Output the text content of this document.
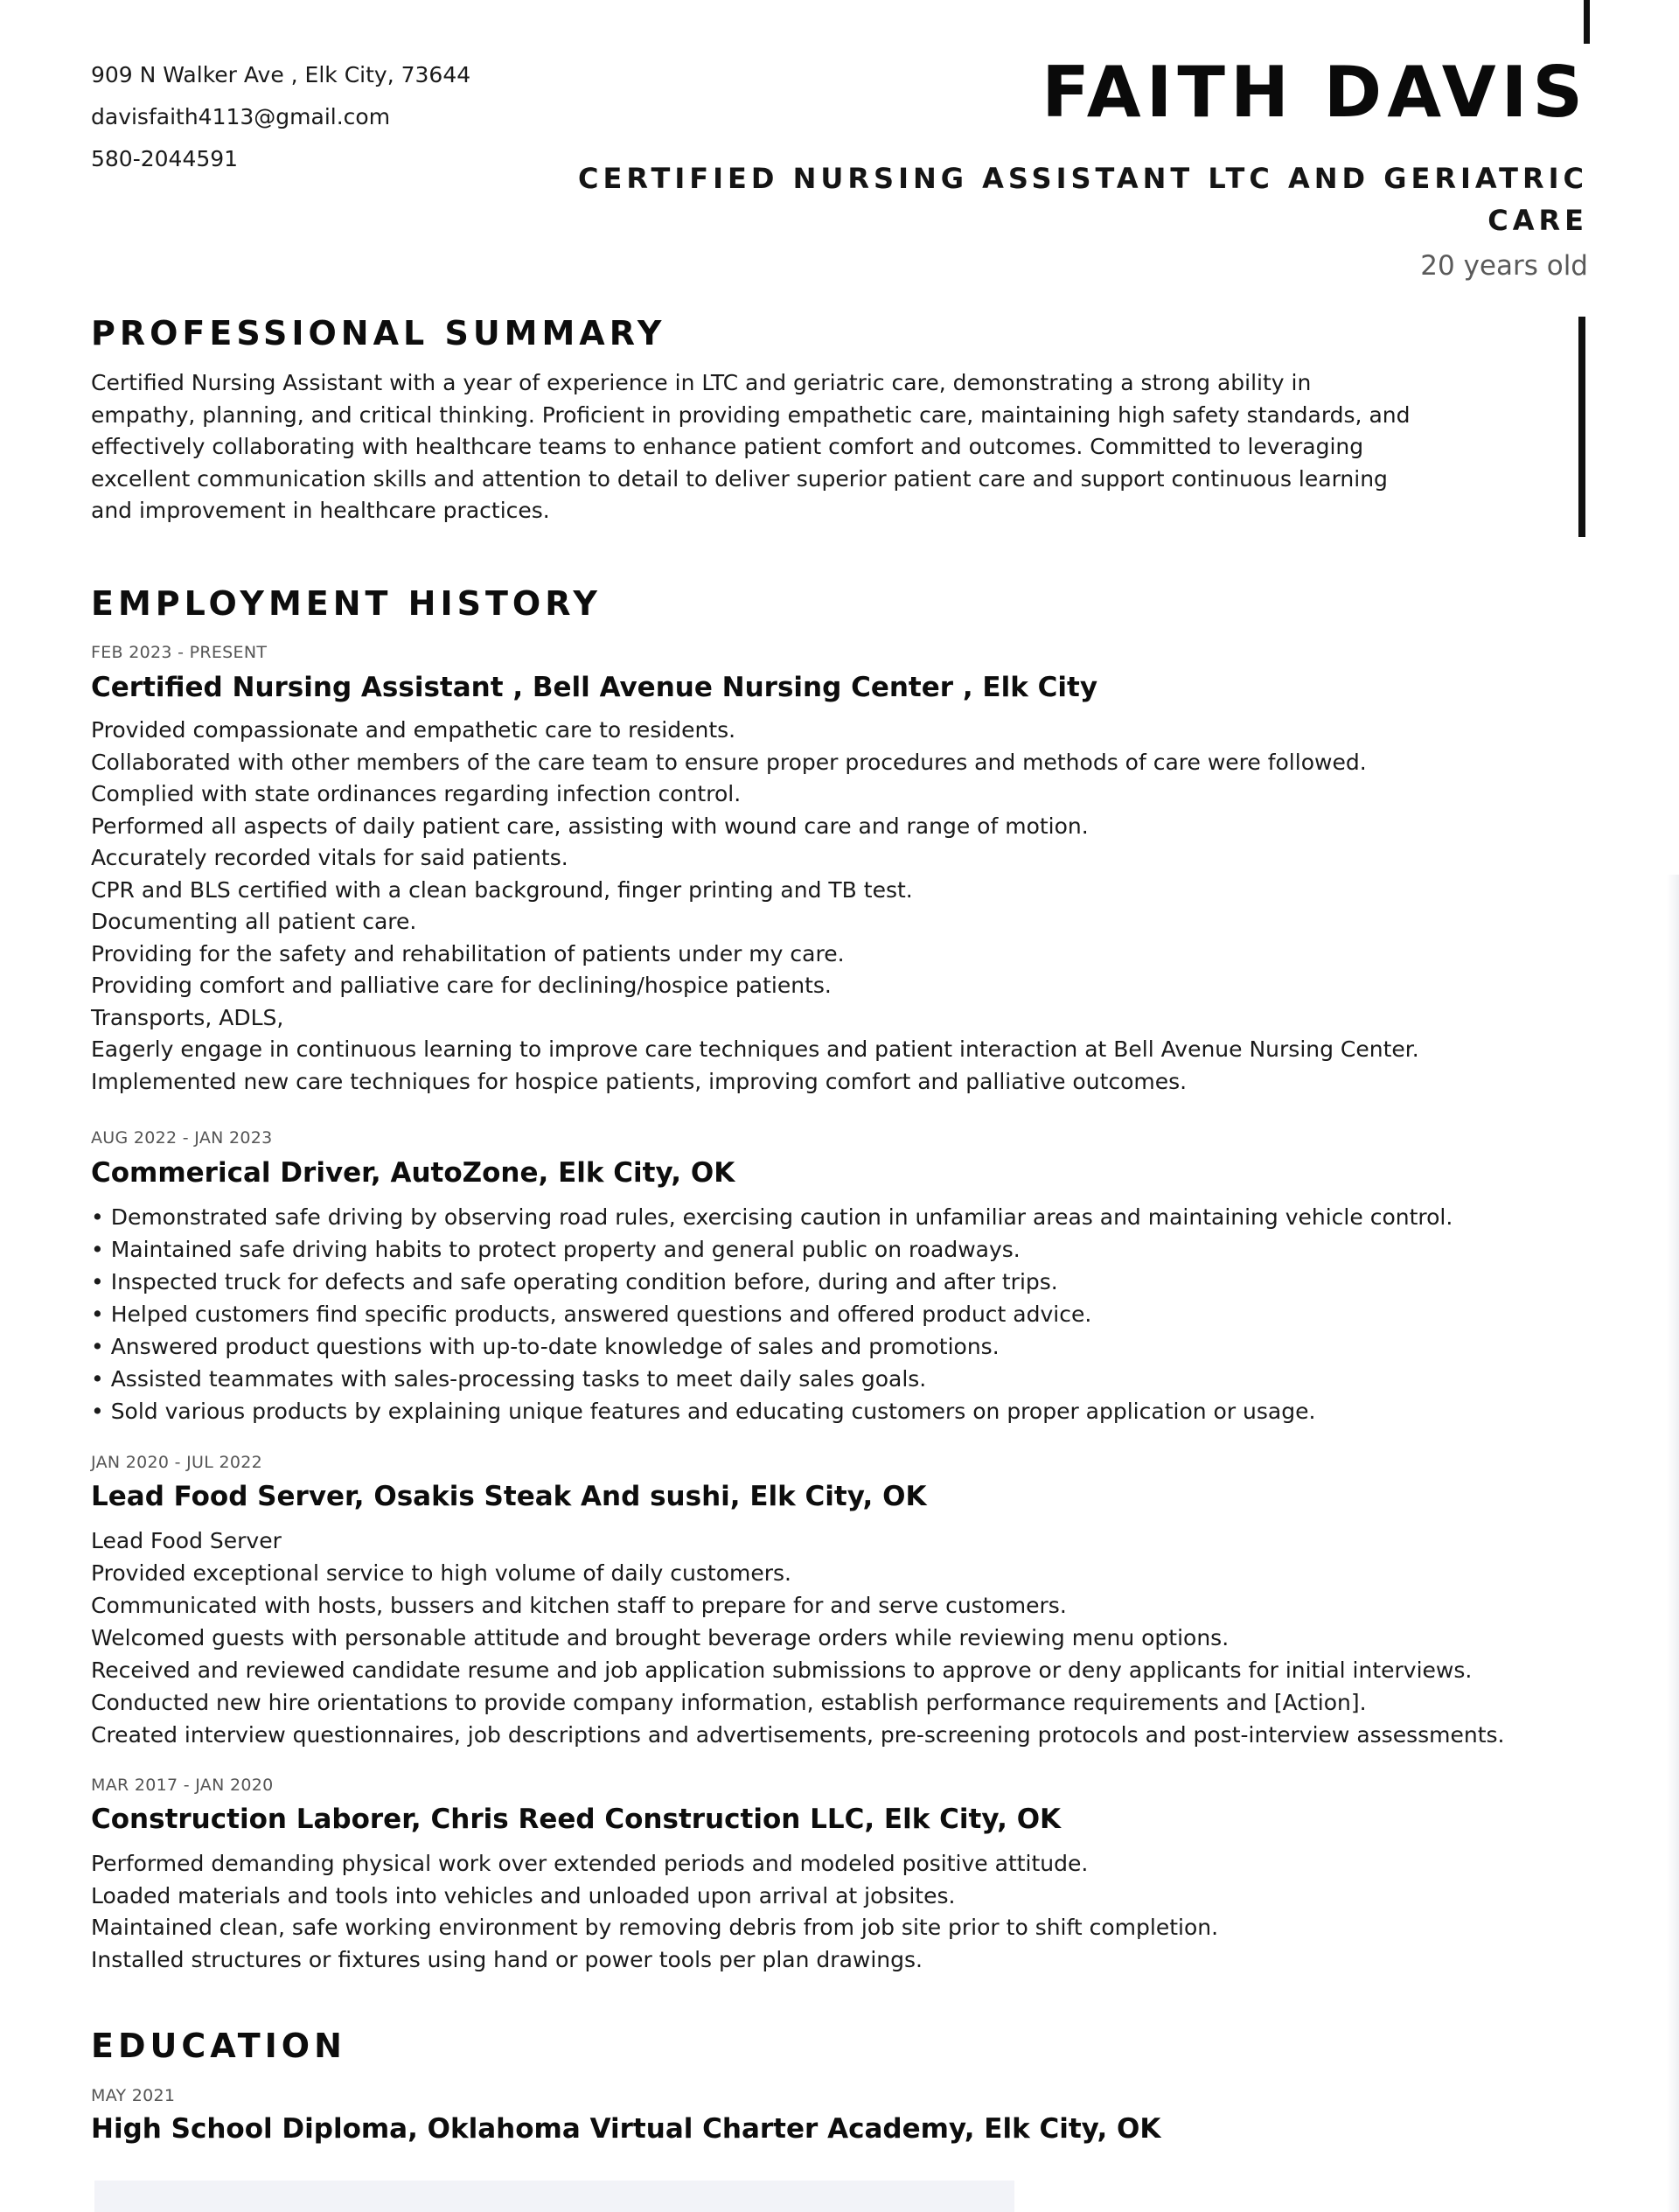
909 N Walker Ave , Elk City, 73644
davisfaith4113@gmail.com
580-2044591
FAITH DAVIS
CERTIFIED NURSING ASSISTANT LTC AND GERIATRIC
CARE
20 years old
PROFESSIONAL SUMMARY
Certified Nursing Assistant with a year of experience in LTC and geriatric care, demonstrating a strong ability in
empathy, planning, and critical thinking. Proficient in providing empathetic care, maintaining high safety standards, and
effectively collaborating with healthcare teams to enhance patient comfort and outcomes. Committed to leveraging
excellent communication skills and attention to detail to deliver superior patient care and support continuous learning
and improvement in healthcare practices.
EMPLOYMENT HISTORY
FEB 2023 - PRESENT
Certified Nursing Assistant , Bell Avenue Nursing Center , Elk City
Provided compassionate and empathetic care to residents.
Collaborated with other members of the care team to ensure proper procedures and methods of care were followed.
Complied with state ordinances regarding infection control.
Performed all aspects of daily patient care, assisting with wound care and range of motion.
Accurately recorded vitals for said patients.
CPR and BLS certified with a clean background, finger printing and TB test.
Documenting all patient care.
Providing for the safety and rehabilitation of patients under my care.
Providing comfort and palliative care for declining/hospice patients.
Transports, ADLS,
Eagerly engage in continuous learning to improve care techniques and patient interaction at Bell Avenue Nursing Center.
Implemented new care techniques for hospice patients, improving comfort and palliative outcomes.
AUG 2022 - JAN 2023
Commerical Driver, AutoZone, Elk City, OK
• Demonstrated safe driving by observing road rules, exercising caution in unfamiliar areas and maintaining vehicle control.
• Maintained safe driving habits to protect property and general public on roadways.
• Inspected truck for defects and safe operating condition before, during and after trips.
• Helped customers find specific products, answered questions and offered product advice.
• Answered product questions with up-to-date knowledge of sales and promotions.
• Assisted teammates with sales-processing tasks to meet daily sales goals.
• Sold various products by explaining unique features and educating customers on proper application or usage.
JAN 2020 - JUL 2022
Lead Food Server, Osakis Steak And sushi, Elk City, OK
Lead Food Server
Provided exceptional service to high volume of daily customers.
Communicated with hosts, bussers and kitchen staff to prepare for and serve customers.
Welcomed guests with personable attitude and brought beverage orders while reviewing menu options.
Received and reviewed candidate resume and job application submissions to approve or deny applicants for initial interviews.
Conducted new hire orientations to provide company information, establish performance requirements and [Action].
Created interview questionnaires, job descriptions and advertisements, pre-screening protocols and post-interview assessments.
MAR 2017 - JAN 2020
Construction Laborer, Chris Reed Construction LLC, Elk City, OK
Performed demanding physical work over extended periods and modeled positive attitude.
Loaded materials and tools into vehicles and unloaded upon arrival at jobsites.
Maintained clean, safe working environment by removing debris from job site prior to shift completion.
Installed structures or fixtures using hand or power tools per plan drawings.
EDUCATION
MAY 2021
High School Diploma, Oklahoma Virtual Charter Academy, Elk City, OK
